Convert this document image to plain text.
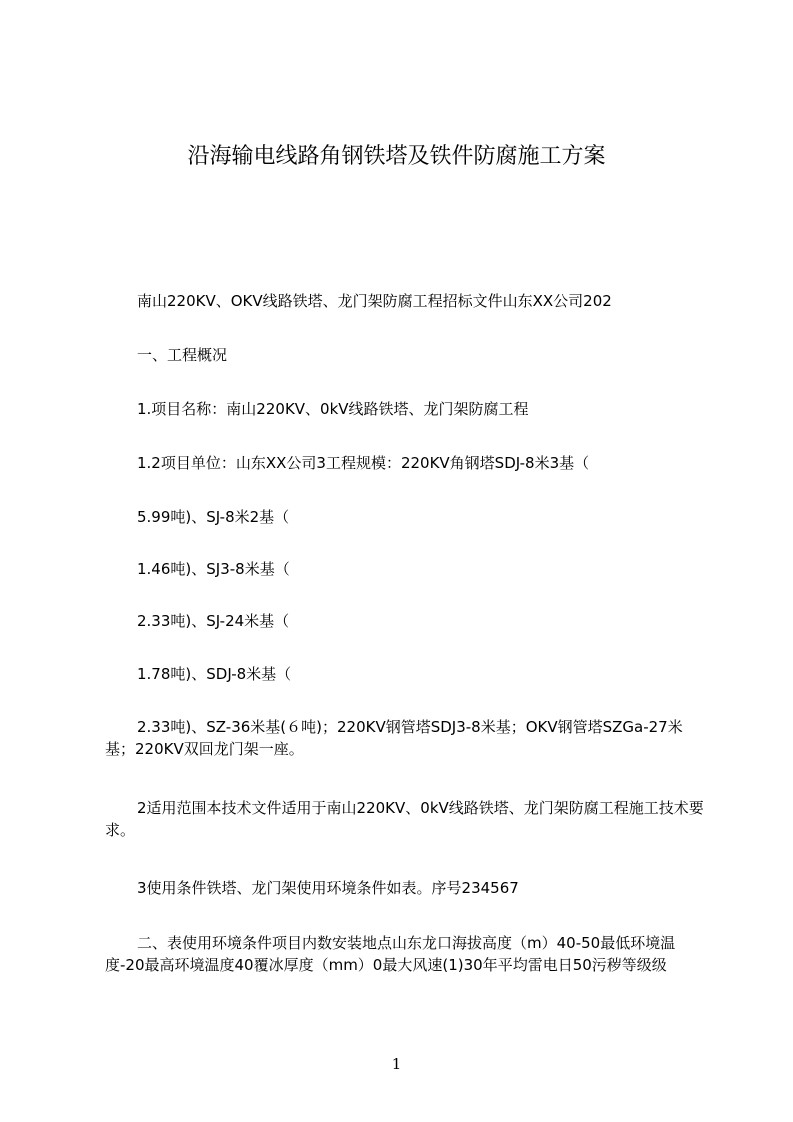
沿海输电线路角钢铁塔及铁件防腐施工方案
南山220KV、OKV线路铁塔、龙门架防腐工程招标文件山东XX公司202
一、工程概况
1.项目名称：南山220KV、0kV线路铁塔、龙门架防腐工程
1.2项目单位：山东XX公司3工程规模：220KV角钢塔SDJ-8米3基（
5.99吨)、SJ-8米2基（
1.46吨)、SJ3-8米基（
2.33吨)、SJ-24米基（
1.78吨)、SDJ-8米基（
2.33吨)、SZ-36米基(６吨)；220KV钢管塔SDJ3-8米基；OKV钢管塔SZGa-27米基；220KV双回龙门架一座。
2适用范围本技术文件适用于南山220KV、0kV线路铁塔、龙门架防腐工程施工技术要求。
3使用条件铁塔、龙门架使用环境条件如表。序号234567
二、表使用环境条件项目内数安装地点山东龙口海拔高度（m）40-50最低环境温度-20最高环境温度40覆冰厚度（mm）0最大风速(1)30年平均雷电日50污秽等级级
1
